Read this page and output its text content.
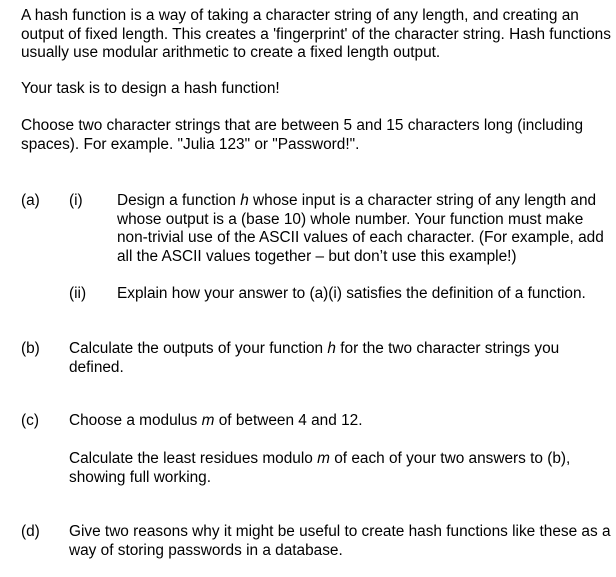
A hash function is a way of taking a character string of any length, and creating an output of fixed length. This creates a 'fingerprint' of the character string. Hash functions usually use modular arithmetic to create a fixed length output.

Your task is to design a hash function!

Choose two character strings that are between 5 and 15 characters long (including spaces). For example. "Julia 123" or "Password!".

(a) (i) Design a function h whose input is a character string of any length and whose output is a (base 10) whole number. Your function must make non-trivial use of the ASCII values of each character. (For example, add all the ASCII values together – but don’t use this example!)

(ii) Explain how your answer to (a)(i) satisfies the definition of a function.

(b) Calculate the outputs of your function h for the two character strings you defined.

(c) Choose a modulus m of between 4 and 12.

Calculate the least residues modulo m of each of your two answers to (b), showing full working.

(d) Give two reasons why it might be useful to create hash functions like these as a way of storing passwords in a database.
